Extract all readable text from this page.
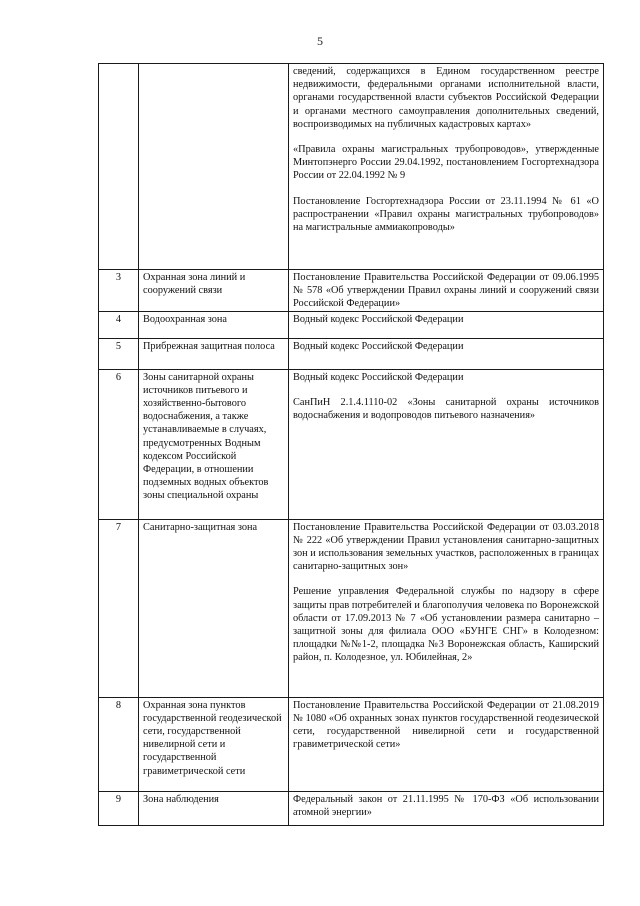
5

		сведений, содержащихся в Едином государственном реестре недвижимости, федеральными органами исполнительной власти, органами государственной власти субъектов Российской Федерации и органами местного самоуправления дополнительных сведений, воспроизводимых на публичных кадастровых картах»

«Правила охраны магистральных трубопроводов», утвержденные Минтопэнерго России 29.04.1992, постановлением Госгортехнадзора России от 22.04.1992 № 9

Постановление Госгортехнадзора России от 23.11.1994 № 61 «О распространении «Правил охраны магистральных трубопроводов» на магистральные аммиакопроводы»

3	Охранная зона линий и сооружений связи	Постановление Правительства Российской Федерации от 09.06.1995 № 578 «Об утверждении Правил охраны линий и сооружений связи Российской Федерации»

4	Водоохранная зона	Водный кодекс Российской Федерации

5	Прибрежная защитная полоса	Водный кодекс Российской Федерации

6	Зоны санитарной охраны источников питьевого и хозяйственно-бытового водоснабжения, а также устанавливаемые в случаях, предусмотренных Водным кодексом Российской Федерации, в отношении подземных водных объектов зоны специальной охраны	Водный кодекс Российской Федерации

СанПиН 2.1.4.1110-02 «Зоны санитарной охраны источников водоснабжения и водопроводов питьевого назначения»

7	Санитарно-защитная зона	Постановление Правительства Российской Федерации от 03.03.2018 № 222 «Об утверждении Правил установления санитарно-защитных зон и использования земельных участков, расположенных в границах санитарно-защитных зон»

Решение управления Федеральной службы по надзору в сфере защиты прав потребителей и благополучия человека по Воронежской области от 17.09.2013 № 7 «Об установлении размера санитарно – защитной зоны для филиала ООО «БУНГЕ СНГ» в Колодезном: площадки №№1-2, площадка №3 Воронежская область, Каширский район, п. Колодезное, ул. Юбилейная, 2»

8	Охранная зона пунктов государственной геодезической сети, государственной нивелирной сети и государственной гравиметрической сети	Постановление Правительства Российской Федерации от 21.08.2019 № 1080 «Об охранных зонах пунктов государственной геодезической сети, государственной нивелирной сети и государственной гравиметрической сети»

9	Зона наблюдения	Федеральный закон от 21.11.1995 № 170-ФЗ «Об использовании атомной энергии»
